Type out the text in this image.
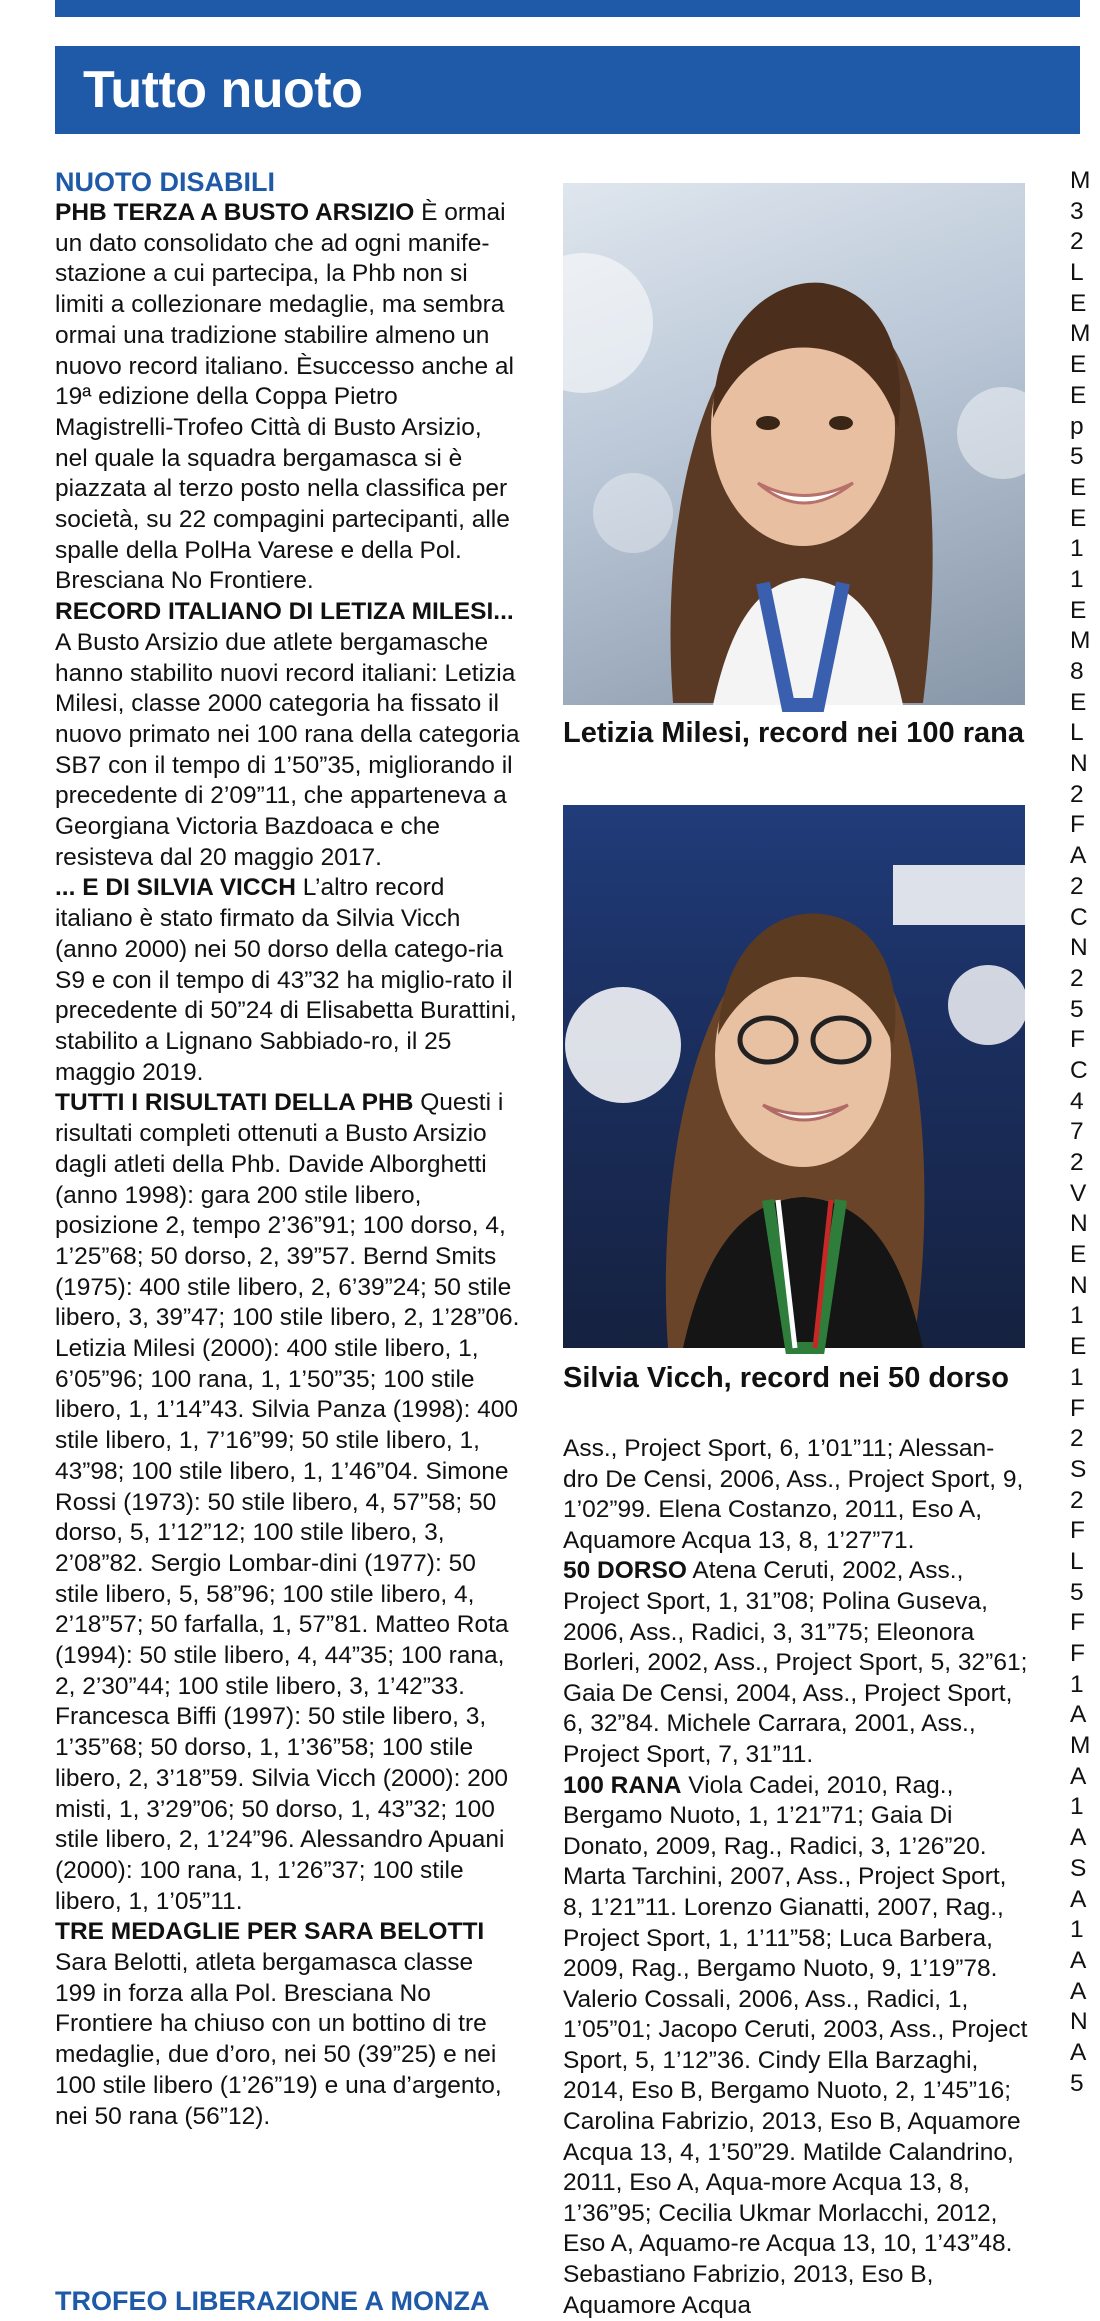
Tutto nuoto
NUOTO DISABILI

PHB TERZA A BUSTO ARSIZIO È ormai un dato consolidato che ad ogni manife-stazione a cui partecipa, la Phb non si limiti a collezionare medaglie, ma sembra ormai una tradizione stabilire almeno un nuovo record italiano. Èsuccesso anche al 19ª edizione della Coppa Pietro Magistrelli-Trofeo Città di Busto Arsizio, nel quale la squadra bergamasca si è piazzata al terzo posto nella classifica per società, su 22 compagini partecipanti, alle spalle della PolHa Varese e della Pol. Bresciana No Frontiere.

RECORD ITALIANO DI LETIZA MILESI... A Busto Arsizio due atlete bergamasche hanno stabilito nuovi record italiani: Letizia Milesi, classe 2000 categoria ha fissato il nuovo primato nei 100 rana della categoria SB7 con il tempo di 1’50”35, migliorando il precedente di 2’09”11, che apparteneva a Georgiana Victoria Bazdoaca e che resisteva dal 20 maggio 2017.

... E DI SILVIA VICCH L’altro record italiano è stato firmato da Silvia Vicch (anno 2000) nei 50 dorso della catego-ria S9 e con il tempo di 43”32 ha miglio-rato il precedente di 50”24 di Elisabetta Burattini, stabilito a Lignano Sabbiado-ro, il 25 maggio 2019.

TUTTI I RISULTATI DELLA PHB Questi i risultati completi ottenuti a Busto Arsizio dagli atleti della Phb. Davide Alborghetti (anno 1998): gara 200 stile libero, posizione 2, tempo 2’36”91; 100 dorso, 4, 1’25”68; 50 dorso, 2, 39”57. Bernd Smits (1975): 400 stile libero, 2, 6’39”24; 50 stile libero, 3, 39”47; 100 stile libero, 2, 1’28”06. Letizia Milesi (2000): 400 stile libero, 1, 6’05”96; 100 rana, 1, 1’50”35; 100 stile libero, 1, 1’14”43. Silvia Panza (1998): 400 stile libero, 1, 7’16”99; 50 stile libero, 1, 43”98; 100 stile libero, 1, 1’46”04. Simone Rossi (1973): 50 stile libero, 4, 57”58; 50 dorso, 5, 1’12”12; 100 stile libero, 3, 2’08”82. Sergio Lombar-dini (1977): 50 stile libero, 5, 58”96; 100 stile libero, 4, 2’18”57; 50 farfalla, 1, 57”81. Matteo Rota (1994): 50 stile libero, 4, 44”35; 100 rana, 2, 2’30”44; 100 stile libero, 3, 1’42”33. Francesca Biffi (1997): 50 stile libero, 3, 1’35”68; 50 dorso, 1, 1’36”58; 100 stile libero, 2, 3’18”59. Silvia Vicch (2000): 200 misti, 1, 3’29”06; 50 dorso, 1, 43”32; 100 stile libero, 2, 1’24”96. Alessandro Apuani (2000): 100 rana, 1, 1’26”37; 100 stile libero, 1, 1’05”11.

TRE MEDAGLIE PER SARA BELOTTI Sara Belotti, atleta bergamasca classe 199 in forza alla Pol. Bresciana No Frontiere ha chiuso con un bottino di tre medaglie, due d’oro, nei 50 (39”25) e nei 100 stile libero (1’26”19) e una d’argento, nei 50 rana (56”12).

TROFEO LIBERAZIONE A MONZA
Letizia Milesi, record nei 100 rana
Silvia Vicch, record nei 50 dorso

Ass., Project Sport, 6, 1’01”11; Alessan-dro De Censi, 2006, Ass., Project Sport, 9, 1’02”99. Elena Costanzo, 2011, Eso A, Aquamore Acqua 13, 8, 1’27”71.

50 DORSO Atena Ceruti, 2002, Ass., Project Sport, 1, 31”08; Polina Guseva, 2006, Ass., Radici, 3, 31”75; Eleonora Borleri, 2002, Ass., Project Sport, 5, 32”61; Gaia De Censi, 2004, Ass., Project Sport, 6, 32”84. Michele Carrara, 2001, Ass., Project Sport, 7, 31”11.

100 RANA Viola Cadei, 2010, Rag., Bergamo Nuoto, 1, 1’21”71; Gaia Di Donato, 2009, Rag., Radici, 3, 1’26”20. Marta Tarchini, 2007, Ass., Project Sport, 8, 1’21”11. Lorenzo Gianatti, 2007, Rag., Project Sport, 1, 1’11”58; Luca Barbera, 2009, Rag., Bergamo Nuoto, 9, 1’19”78. Valerio Cossali, 2006, Ass., Radici, 1, 1’05”01; Jacopo Ceruti, 2003, Ass., Project Sport, 5, 1’12”36. Cindy Ella Barzaghi, 2014, Eso B, Bergamo Nuoto, 2, 1’45”16; Carolina Fabrizio, 2013, Eso B, Aquamore Acqua 13, 4, 1’50”29. Matilde Calandrino, 2011, Eso A, Aqua-more Acqua 13, 8, 1’36”95; Cecilia Ukmar Morlacchi, 2012, Eso A, Aquamo-re Acqua 13, 10, 1’43”48. Sebastiano Fabrizio, 2013, Eso B, Aquamore Acqua

M
3
2
L
E
M
E
E
p
5
E
E
1
1
E
M
8
E
L
N
2
F
A
2
C
N
2
5
F
C
4
7
2
V
N
E
N
1
E
1
F
2
S
2
F
L
5
F
F
1
A
M
A
1
A
S
A
1
A
A
N
A
5
